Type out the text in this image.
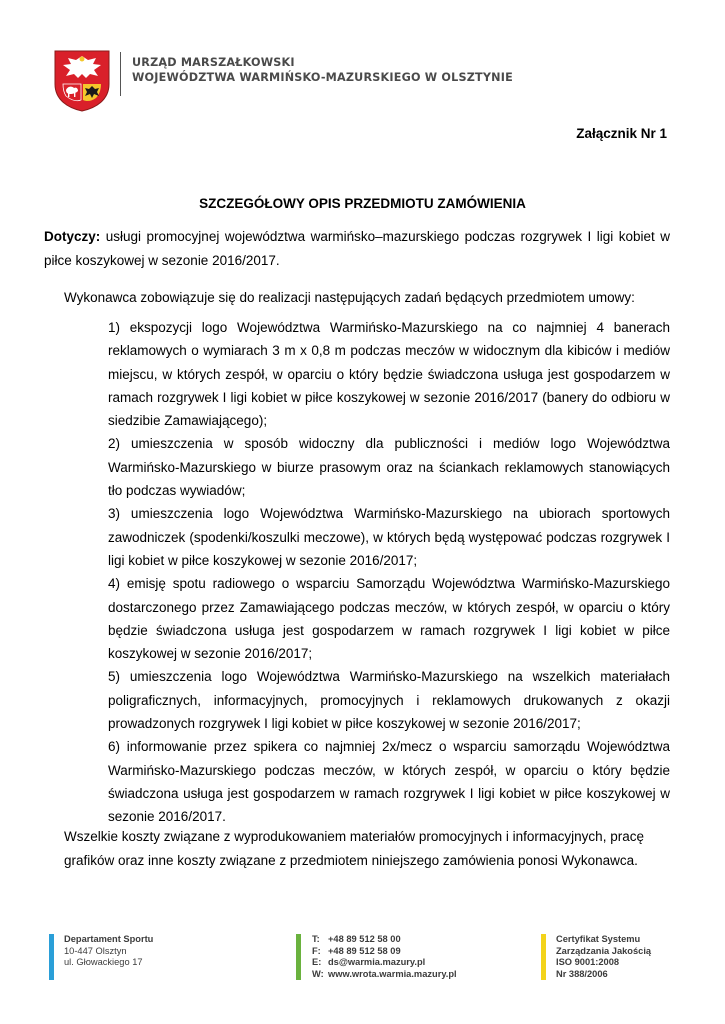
URZĄD MARSZAŁKOWSKI
WOJEWÓDZTWA WARMIŃSKO-MAZURSKIEGO W OLSZTYNIE
Załącznik Nr 1
SZCZEGÓŁOWY OPIS PRZEDMIOTU ZAMÓWIENIA
Dotyczy: usługi promocyjnej województwa warmińsko–mazurskiego podczas rozgrywek I ligi kobiet w piłce koszykowej w sezonie 2016/2017.
Wykonawca zobowiązuje się do realizacji następujących zadań będących przedmiotem umowy:
1) ekspozycji logo Województwa Warmińsko-Mazurskiego na co najmniej 4 banerach reklamowych o wymiarach 3 m x 0,8 m podczas meczów w widocznym dla kibiców i mediów miejscu, w których zespół, w oparciu o który będzie świadczona usługa jest gospodarzem w ramach rozgrywek I ligi kobiet w piłce koszykowej w sezonie 2016/2017 (banery do odbioru w siedzibie Zamawiającego);
2) umieszczenia w sposób widoczny dla publiczności i mediów logo Województwa Warmińsko-Mazurskiego w biurze prasowym oraz na ściankach reklamowych stanowiących tło podczas wywiadów;
3) umieszczenia logo Województwa Warmińsko-Mazurskiego na ubiorach sportowych zawodniczek (spodenki/koszulki meczowe), w których będą występować podczas rozgrywek I ligi kobiet w piłce koszykowej w sezonie 2016/2017;
4) emisję spotu radiowego o wsparciu Samorządu Województwa Warmińsko-Mazurskiego dostarczonego przez Zamawiającego podczas meczów, w których zespół, w oparciu o który będzie świadczona usługa jest gospodarzem w ramach rozgrywek I ligi kobiet w piłce koszykowej w sezonie 2016/2017;
5) umieszczenia logo Województwa Warmińsko-Mazurskiego na wszelkich materiałach poligraficznych, informacyjnych, promocyjnych i reklamowych drukowanych z okazji prowadzonych rozgrywek I ligi kobiet w piłce koszykowej w sezonie 2016/2017;
6) informowanie przez spikera co najmniej 2x/mecz o wsparciu samorządu Województwa Warmińsko-Mazurskiego podczas meczów, w których zespół, w oparciu o który będzie świadczona usługa jest gospodarzem w ramach rozgrywek I ligi kobiet w piłce koszykowej w sezonie 2016/2017.
Wszelkie koszty związane z wyprodukowaniem materiałów promocyjnych i informacyjnych, pracę
grafików oraz inne koszty związane z przedmiotem niniejszego zamówienia ponosi Wykonawca.
Departament Sportu
10-447 Olsztyn
ul. Głowackiego 17
T: +48 89 512 58 00
F: +48 89 512 58 09
E: ds@warmia.mazury.pl
W: www.wrota.warmia.mazury.pl
Certyfikat Systemu
Zarządzania Jakością
ISO 9001:2008
Nr 388/2006
